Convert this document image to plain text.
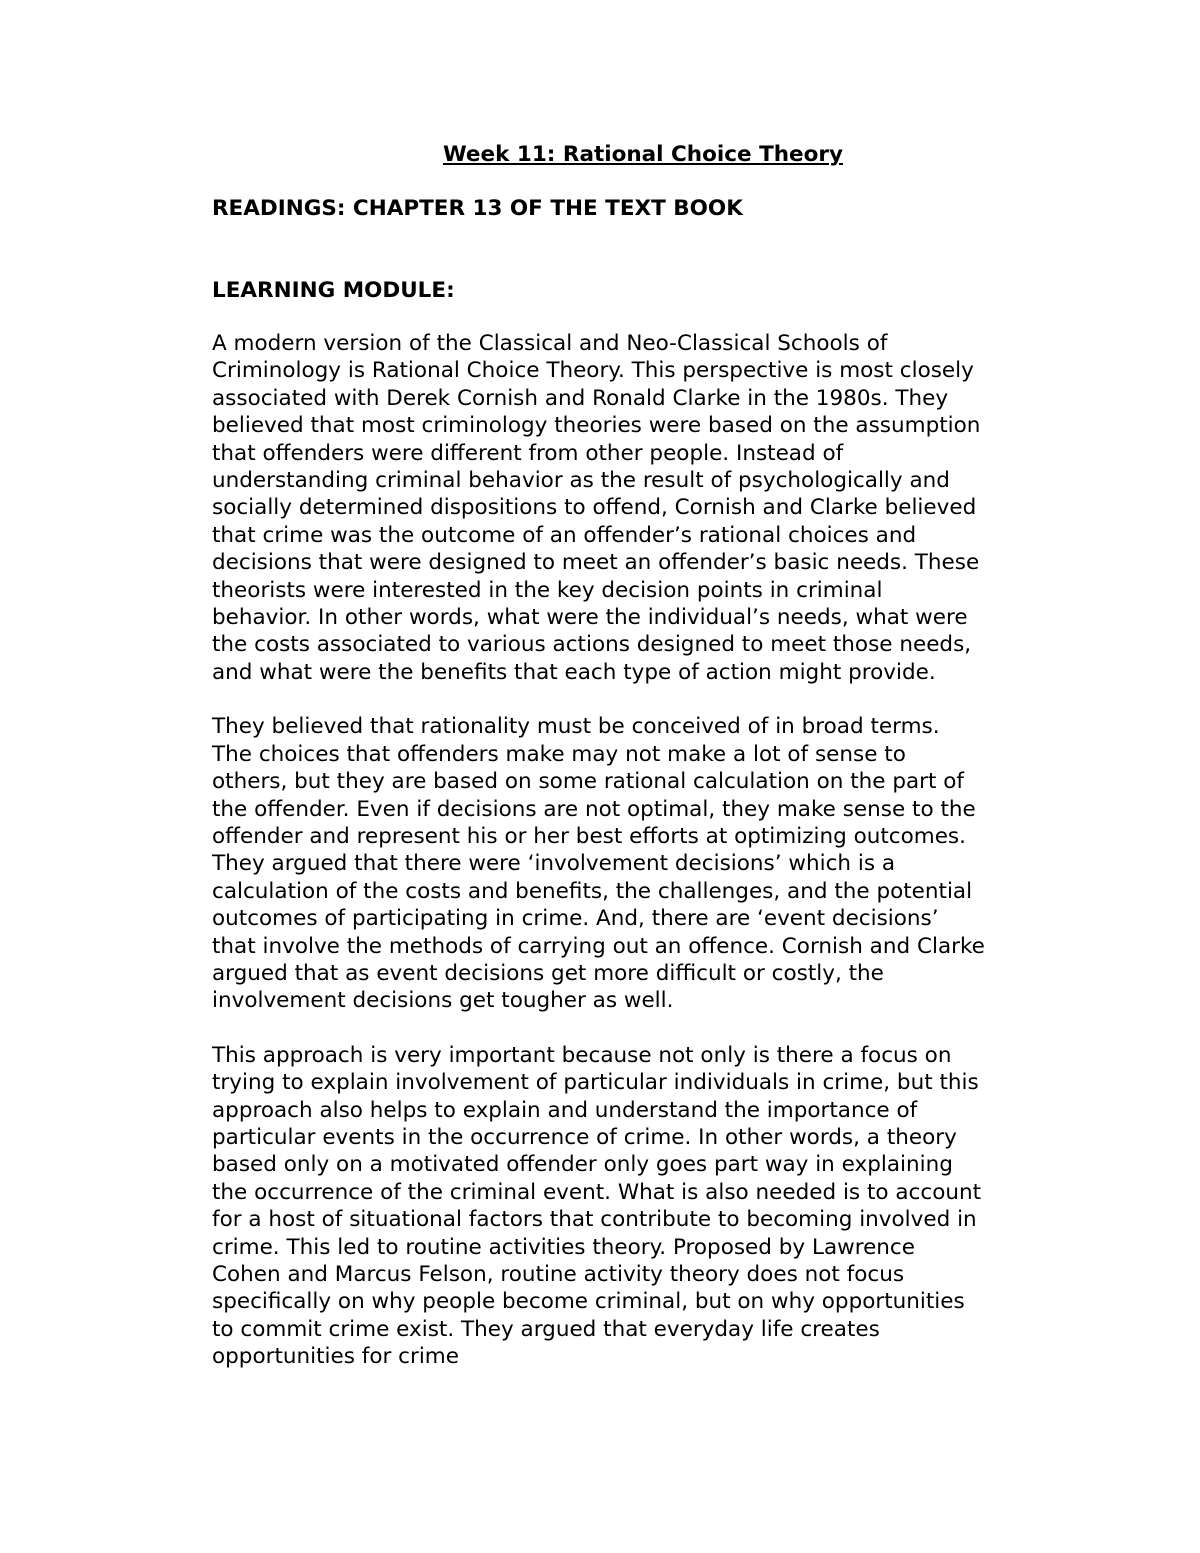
Week 11: Rational Choice Theory

READINGS: CHAPTER 13 OF THE TEXT BOOK

LEARNING MODULE:

A modern version of the Classical and Neo-Classical Schools of
Criminology is Rational Choice Theory. This perspective is most closely
associated with Derek Cornish and Ronald Clarke in the 1980s. They
believed that most criminology theories were based on the assumption
that offenders were different from other people. Instead of
understanding criminal behavior as the result of psychologically and
socially determined dispositions to offend, Cornish and Clarke believed
that crime was the outcome of an offender’s rational choices and
decisions that were designed to meet an offender’s basic needs. These
theorists were interested in the key decision points in criminal
behavior. In other words, what were the individual’s needs, what were
the costs associated to various actions designed to meet those needs,
and what were the benefits that each type of action might provide.

They believed that rationality must be conceived of in broad terms.
The choices that offenders make may not make a lot of sense to
others, but they are based on some rational calculation on the part of
the offender. Even if decisions are not optimal, they make sense to the
offender and represent his or her best efforts at optimizing outcomes.
They argued that there were ‘involvement decisions’ which is a
calculation of the costs and benefits, the challenges, and the potential
outcomes of participating in crime. And, there are ‘event decisions’
that involve the methods of carrying out an offence. Cornish and Clarke
argued that as event decisions get more difficult or costly, the
involvement decisions get tougher as well.

This approach is very important because not only is there a focus on
trying to explain involvement of particular individuals in crime, but this
approach also helps to explain and understand the importance of
particular events in the occurrence of crime. In other words, a theory
based only on a motivated offender only goes part way in explaining
the occurrence of the criminal event. What is also needed is to account
for a host of situational factors that contribute to becoming involved in
crime. This led to routine activities theory. Proposed by Lawrence
Cohen and Marcus Felson, routine activity theory does not focus
specifically on why people become criminal, but on why opportunities
to commit crime exist. They argued that everyday life creates
opportunities for crime
